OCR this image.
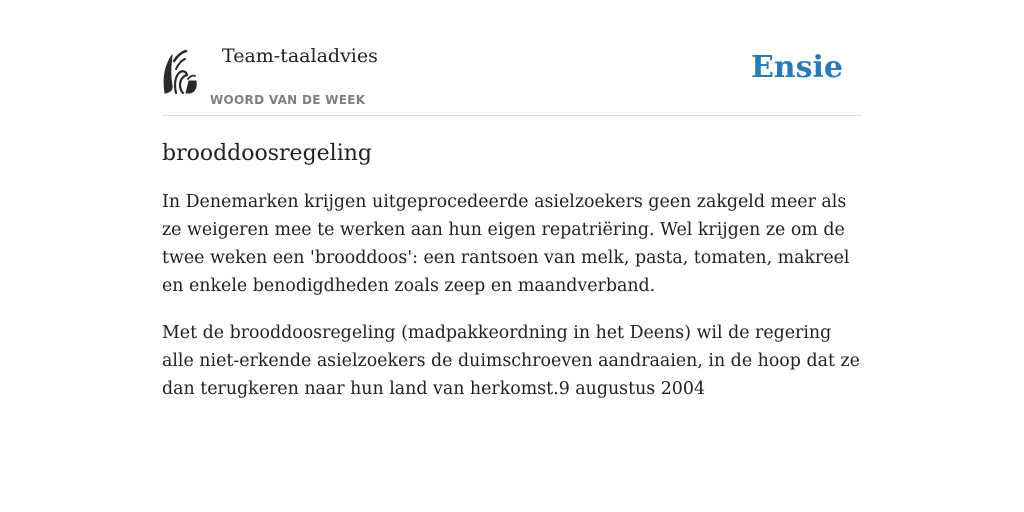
Team-taaladvies
WOORD VAN DE WEEK
Ensie
brooddoosregeling

In Denemarken krijgen uitgeprocedeerde asielzoekers geen zakgeld meer als ze weigeren mee te werken aan hun eigen repatriëring. Wel krijgen ze om de twee weken een 'brooddoos': een rantsoen van melk, pasta, tomaten, makreel en enkele benodigdheden zoals zeep en maandverband.

Met de brooddoosregeling (madpakkeordning in het Deens) wil de regering alle niet-erkende asielzoekers de duimschroeven aandraaien, in de hoop dat ze dan terugkeren naar hun land van herkomst.9 augustus 2004
